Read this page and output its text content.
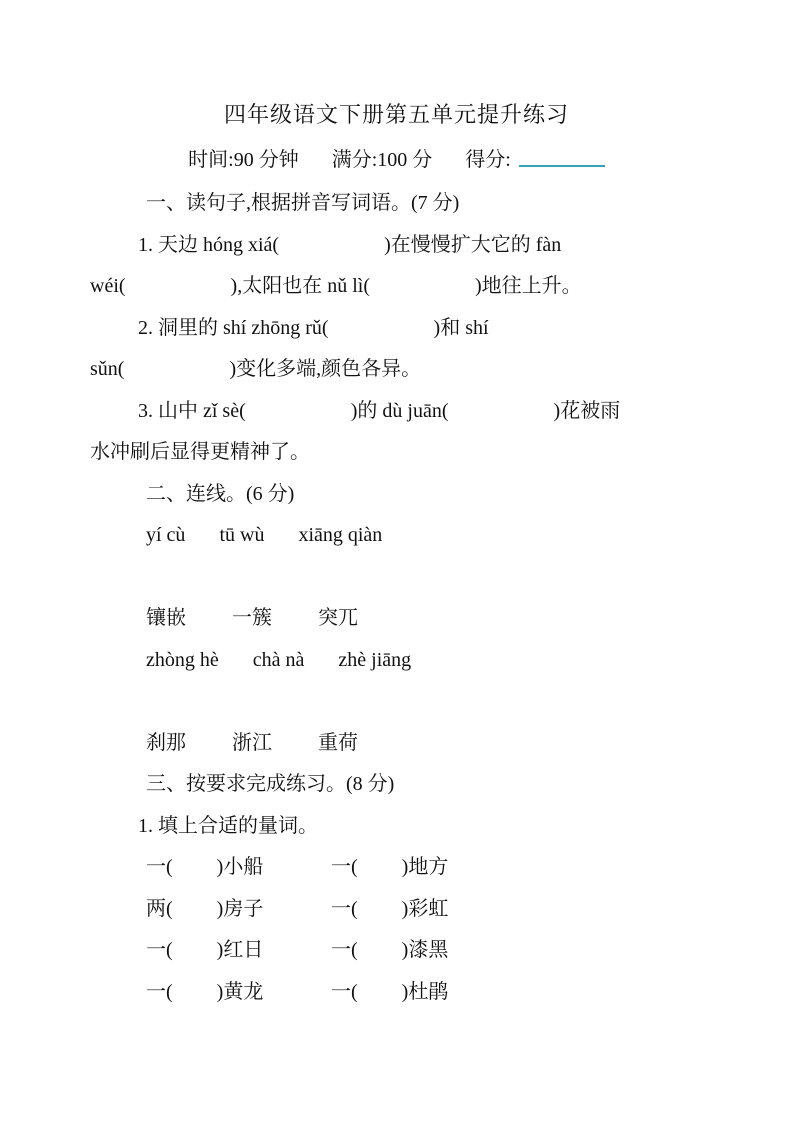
四年级语文下册第五单元提升练习
时间:90 分钟 满分:100 分 得分:
一、读句子,根据拼音写词语。(7 分)
1. 天边 hóng xiá(	)在慢慢扩大它的 fàn
wéi(	),太阳也在 nǔ lì(	)地往上升。
2. 洞里的 shí zhōng rǔ(	)和 shí
sǔn(	)变化多端,颜色各异。
3. 山中 zǐ sè(	)的 dù juān(	)花被雨
水冲刷后显得更精神了。
二、连线。(6 分)
yí cù tū wù xiāng qiàn
镶嵌 一簇 突兀
zhòng hè chà nà zhè jiāng
刹那 浙江 重荷
三、按要求完成练习。(8 分)
1. 填上合适的量词。
一( )小船	一( )地方
两( )房子	一( )彩虹
一( )红日	一( )漆黑
一( )黄龙	一( )杜鹃
